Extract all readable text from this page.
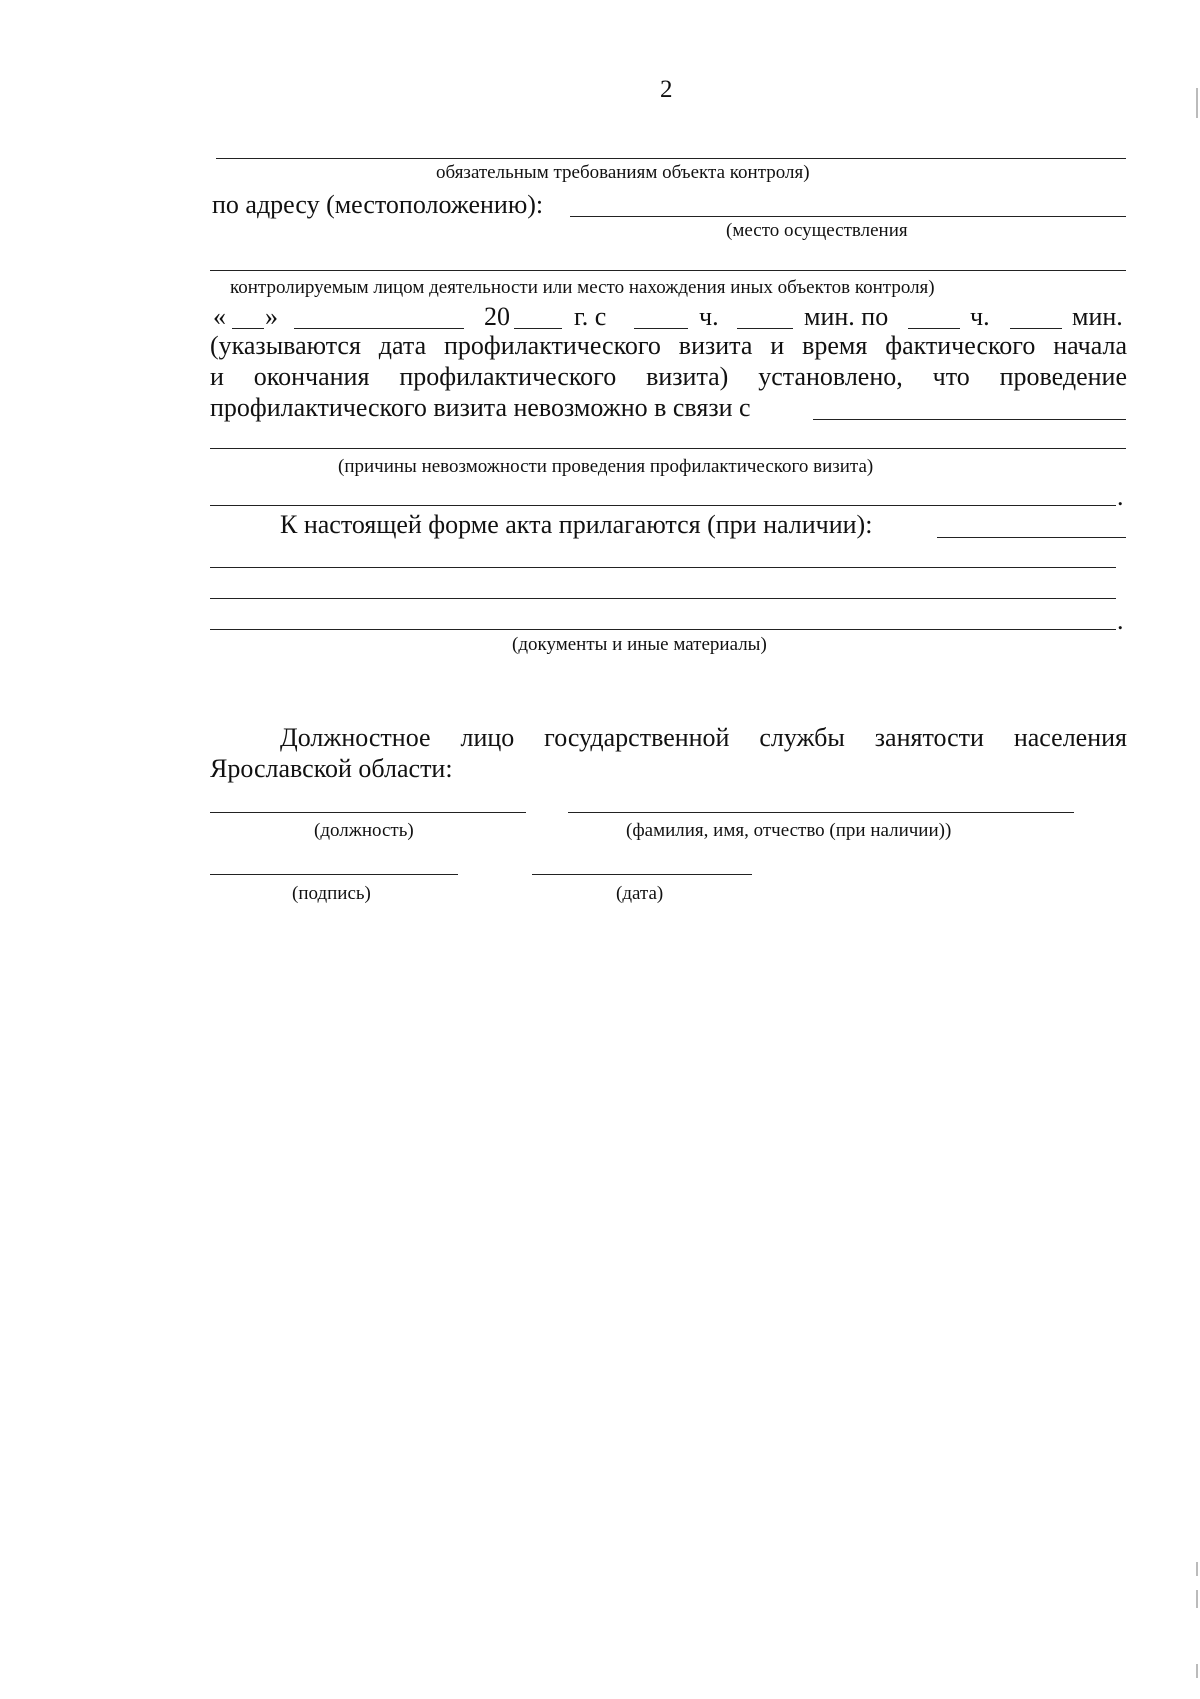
2
обязательным требованиям объекта контроля)
по адресу (местоположению):
(место осуществления
контролируемым лицом деятельности или место нахождения иных объектов контроля)
« »	20 г. с	ч.	мин. по	ч.	мин.
(указываются дата профилактического визита и время фактического начала
и окончания профилактического визита) установлено, что проведение
профилактического визита невозможно в связи с
(причины невозможности проведения профилактического визита)
.
К настоящей форме акта прилагаются (при наличии):
.
(документы и иные материалы)
Должностное лицо государственной службы занятости населения
Ярославской области:
(должность)	(фамилия, имя, отчество (при наличии))
(подпись)	(дата)
